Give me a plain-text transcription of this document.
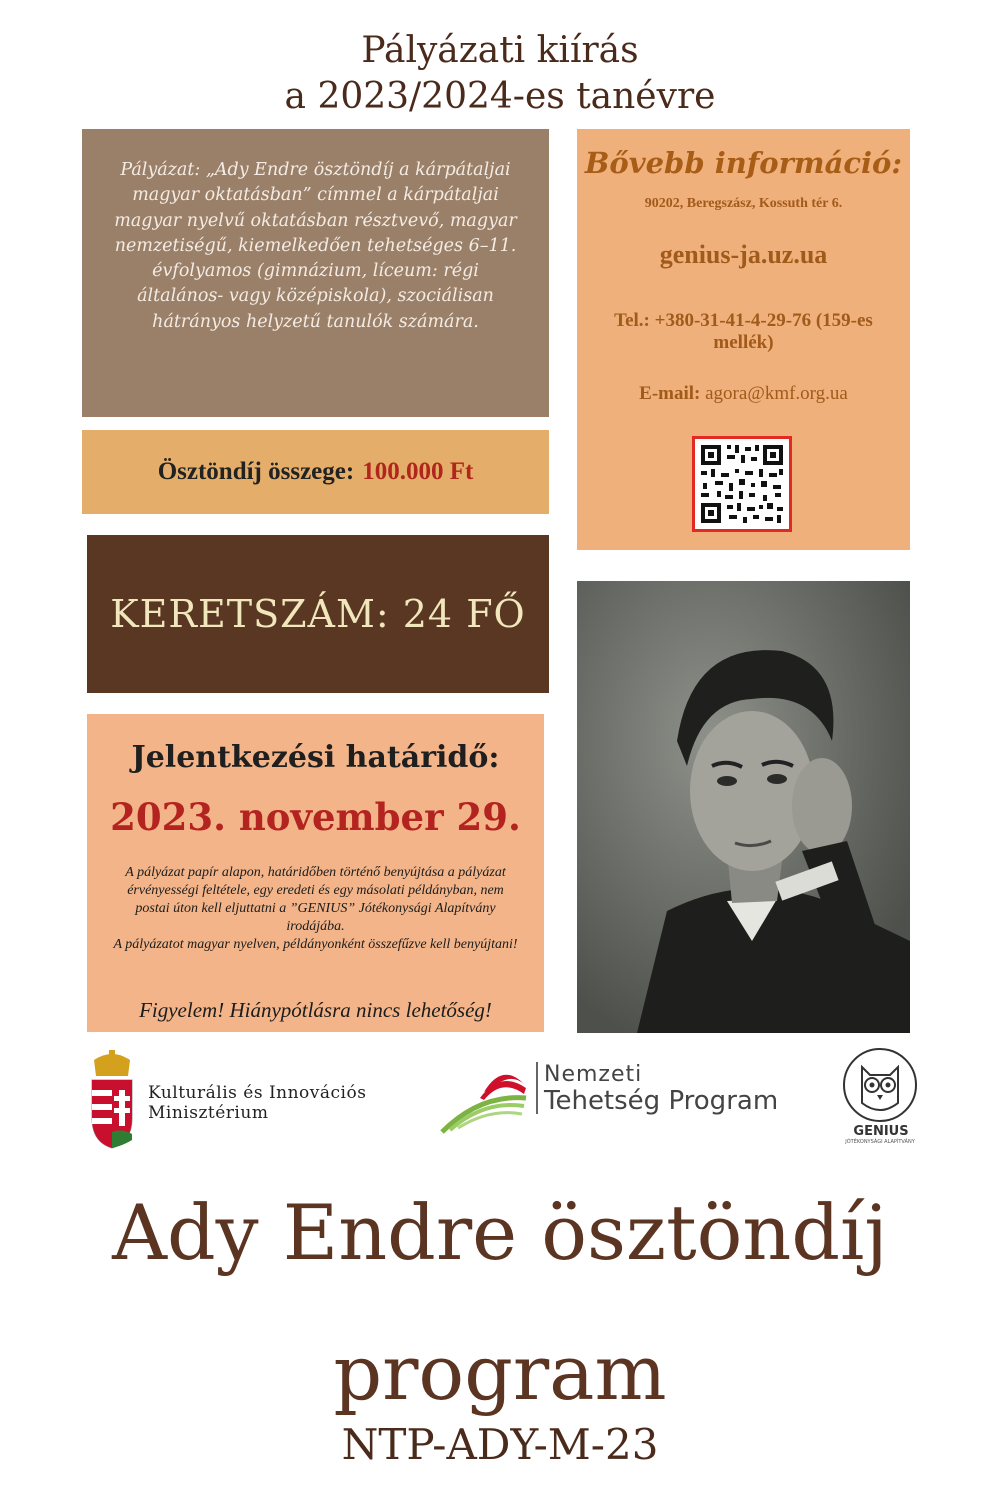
Pályázati kiírás
a 2023/2024-es tanévre
Pályázat: „Ady Endre ösztöndíj a kárpátaljai magyar oktatásban” címmel a kárpátaljai magyar nyelvű oktatásban résztvevő, magyar nemzetiségű, kiemelkedően tehetséges 6–11. évfolyamos (gimnázium, líceum: régi általános- vagy középiskola), szociálisan hátrányos helyzetű tanulók számára.
Ösztöndíj összege: 100.000 Ft
KERETSZÁM: 24 FŐ
Jelentkezési határidő:
2023. november 29.
A pályázat papír alapon, határidőben történő benyújtása a pályázat érvényességi feltétele, egy eredeti és egy másolati példányban, nem postai úton kell eljuttatni a ”GENIUS” Jótékonysági Alapítvány irodájába.
A pályázatot magyar nyelven, példányonként összefűzve kell benyújtani!
Figyelem! Hiánypótlásra nincs lehetőség!
Bővebb információ:
90202, Beregszász, Kossuth tér 6.
genius-ja.uz.ua
Tel.: +380-31-41-4-29-76 (159-es mellék)
E-mail: agora@kmf.org.ua
Kulturális és Innovációs
Minisztérium
Nemzeti
Tehetség Program
GENIUS
JÓTÉKONYSÁGI ALAPÍTVÁNY
Ady Endre ösztöndíj
program
NTP-ADY-M-23
